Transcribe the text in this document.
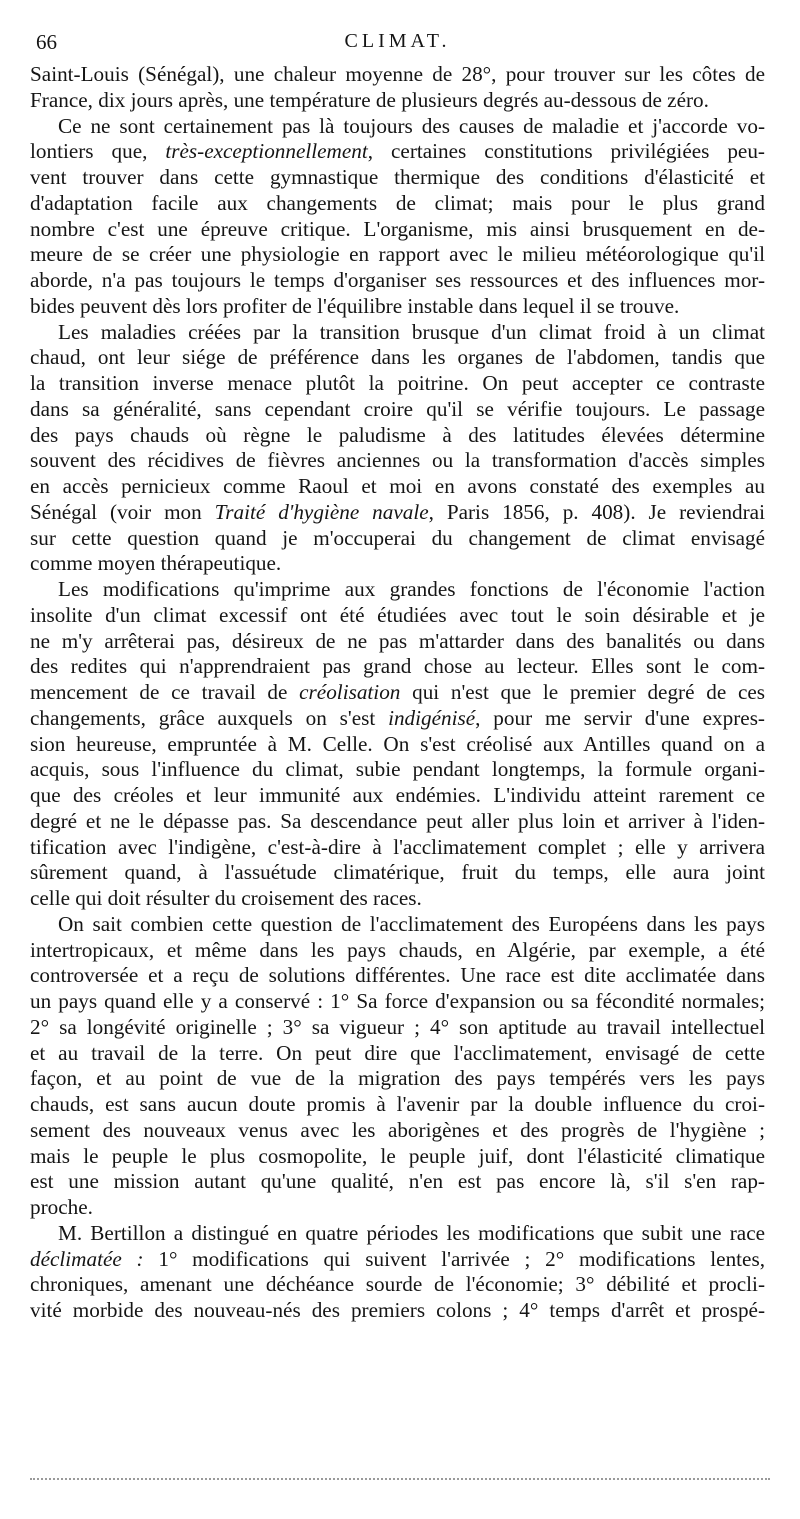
66	CLIMAT.
Saint-Louis (Sénégal), une chaleur moyenne de 28°, pour trouver sur les côtes de
France, dix jours après, une température de plusieurs degrés au-dessous de zéro.
Ce ne sont certainement pas là toujours des causes de maladie et j'accorde vo-
lontiers que, très-exceptionnellement, certaines constitutions privilégiées peu-
vent trouver dans cette gymnastique thermique des conditions d'élasticité et
d'adaptation facile aux changements de climat; mais pour le plus grand
nombre c'est une épreuve critique. L'organisme, mis ainsi brusquement en de-
meure de se créer une physiologie en rapport avec le milieu météorologique qu'il
aborde, n'a pas toujours le temps d'organiser ses ressources et des influences mor-
bides peuvent dès lors profiter de l'équilibre instable dans lequel il se trouve.
Les maladies créées par la transition brusque d'un climat froid à un climat
chaud, ont leur siége de préférence dans les organes de l'abdomen, tandis que
la transition inverse menace plutôt la poitrine. On peut accepter ce contraste
dans sa généralité, sans cependant croire qu'il se vérifie toujours. Le passage
des pays chauds où règne le paludisme à des latitudes élevées détermine
souvent des récidives de fièvres anciennes ou la transformation d'accès simples
en accès pernicieux comme Raoul et moi en avons constaté des exemples au
Sénégal (voir mon Traité d'hygiène navale, Paris 1856, p. 408). Je reviendrai
sur cette question quand je m'occuperai du changement de climat envisagé
comme moyen thérapeutique.
Les modifications qu'imprime aux grandes fonctions de l'économie l'action
insolite d'un climat excessif ont été étudiées avec tout le soin désirable et je
ne m'y arrêterai pas, désireux de ne pas m'attarder dans des banalités ou dans
des redites qui n'apprendraient pas grand chose au lecteur. Elles sont le com-
mencement de ce travail de créolisation qui n'est que le premier degré de ces
changements, grâce auxquels on s'est indigénisé, pour me servir d'une expres-
sion heureuse, empruntée à M. Celle. On s'est créolisé aux Antilles quand on a
acquis, sous l'influence du climat, subie pendant longtemps, la formule organi-
que des créoles et leur immunité aux endémies. L'individu atteint rarement ce
degré et ne le dépasse pas. Sa descendance peut aller plus loin et arriver à l'iden-
tification avec l'indigène, c'est-à-dire à l'acclimatement complet ; elle y arrivera
sûrement quand, à l'assuétude climatérique, fruit du temps, elle aura joint
celle qui doit résulter du croisement des races.
On sait combien cette question de l'acclimatement des Européens dans les pays
intertropicaux, et même dans les pays chauds, en Algérie, par exemple, a été
controversée et a reçu de solutions différentes. Une race est dite acclimatée dans
un pays quand elle y a conservé : 1° Sa force d'expansion ou sa fécondité normales;
2° sa longévité originelle ; 3° sa vigueur ; 4° son aptitude au travail intellectuel
et au travail de la terre. On peut dire que l'acclimatement, envisagé de cette
façon, et au point de vue de la migration des pays tempérés vers les pays
chauds, est sans aucun doute promis à l'avenir par la double influence du croi-
sement des nouveaux venus avec les aborigènes et des progrès de l'hygiène ;
mais le peuple le plus cosmopolite, le peuple juif, dont l'élasticité climatique
est une mission autant qu'une qualité, n'en est pas encore là, s'il s'en rap-
proche.
M. Bertillon a distingué en quatre périodes les modifications que subit une race
déclimatée : 1° modifications qui suivent l'arrivée ; 2° modifications lentes,
chroniques, amenant une déchéance sourde de l'économie; 3° débilité et procli-
vité morbide des nouveau-nés des premiers colons ; 4° temps d'arrêt et prospé-
